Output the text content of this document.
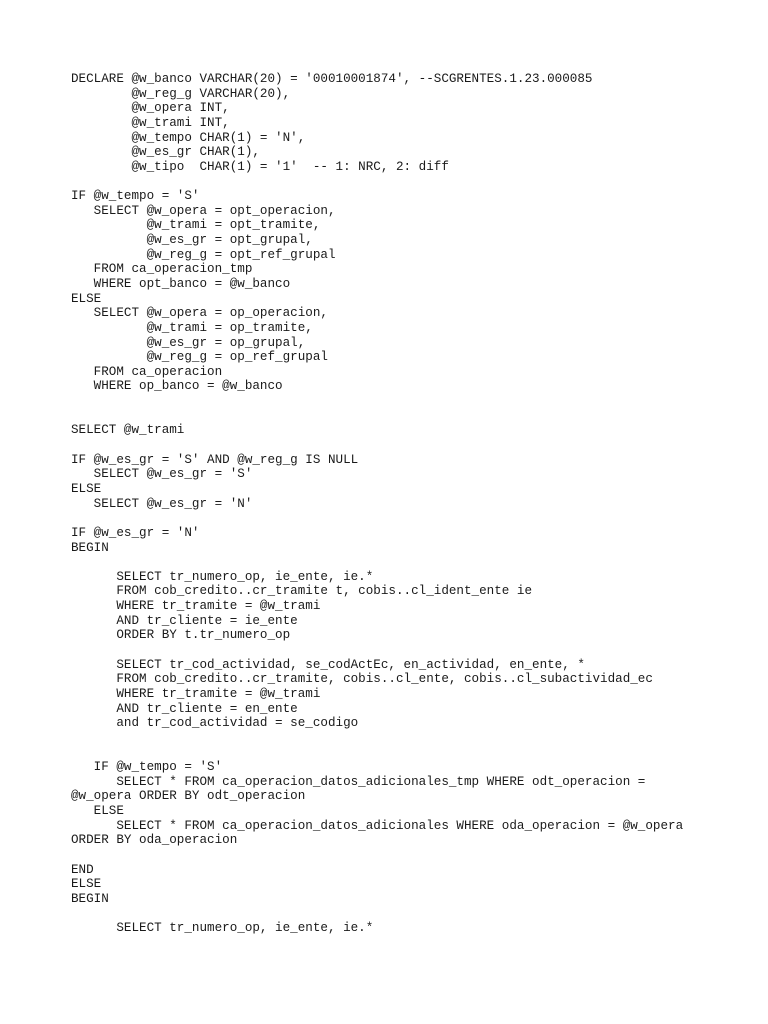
DECLARE @w_banco VARCHAR(20) = '00010001874', --SCGRENTES.1.23.000085
@w_reg_g VARCHAR(20),
@w_opera INT,
@w_trami INT,
@w_tempo CHAR(1) = 'N',
@w_es_gr CHAR(1),
@w_tipo  CHAR(1) = '1'  -- 1: NRC, 2: diff
IF @w_tempo = 'S'
SELECT @w_opera = opt_operacion,
@w_trami = opt_tramite,
@w_es_gr = opt_grupal,
@w_reg_g = opt_ref_grupal
FROM ca_operacion_tmp
WHERE opt_banco = @w_banco
ELSE
SELECT @w_opera = op_operacion,
@w_trami = op_tramite,
@w_es_gr = op_grupal,
@w_reg_g = op_ref_grupal
FROM ca_operacion
WHERE op_banco = @w_banco
SELECT @w_trami
IF @w_es_gr = 'S' AND @w_reg_g IS NULL
SELECT @w_es_gr = 'S'
ELSE
SELECT @w_es_gr = 'N'
IF @w_es_gr = 'N'
BEGIN
SELECT tr_numero_op, ie_ente, ie.*
FROM cob_credito..cr_tramite t, cobis..cl_ident_ente ie
WHERE tr_tramite = @w_trami
AND tr_cliente = ie_ente
ORDER BY t.tr_numero_op
SELECT tr_cod_actividad, se_codActEc, en_actividad, en_ente, *
FROM cob_credito..cr_tramite, cobis..cl_ente, cobis..cl_subactividad_ec
WHERE tr_tramite = @w_trami
AND tr_cliente = en_ente
and tr_cod_actividad = se_codigo
IF @w_tempo = 'S'
SELECT * FROM ca_operacion_datos_adicionales_tmp WHERE odt_operacion =
@w_opera ORDER BY odt_operacion
ELSE
SELECT * FROM ca_operacion_datos_adicionales WHERE oda_operacion = @w_opera
ORDER BY oda_operacion
END
ELSE
BEGIN
SELECT tr_numero_op, ie_ente, ie.*
